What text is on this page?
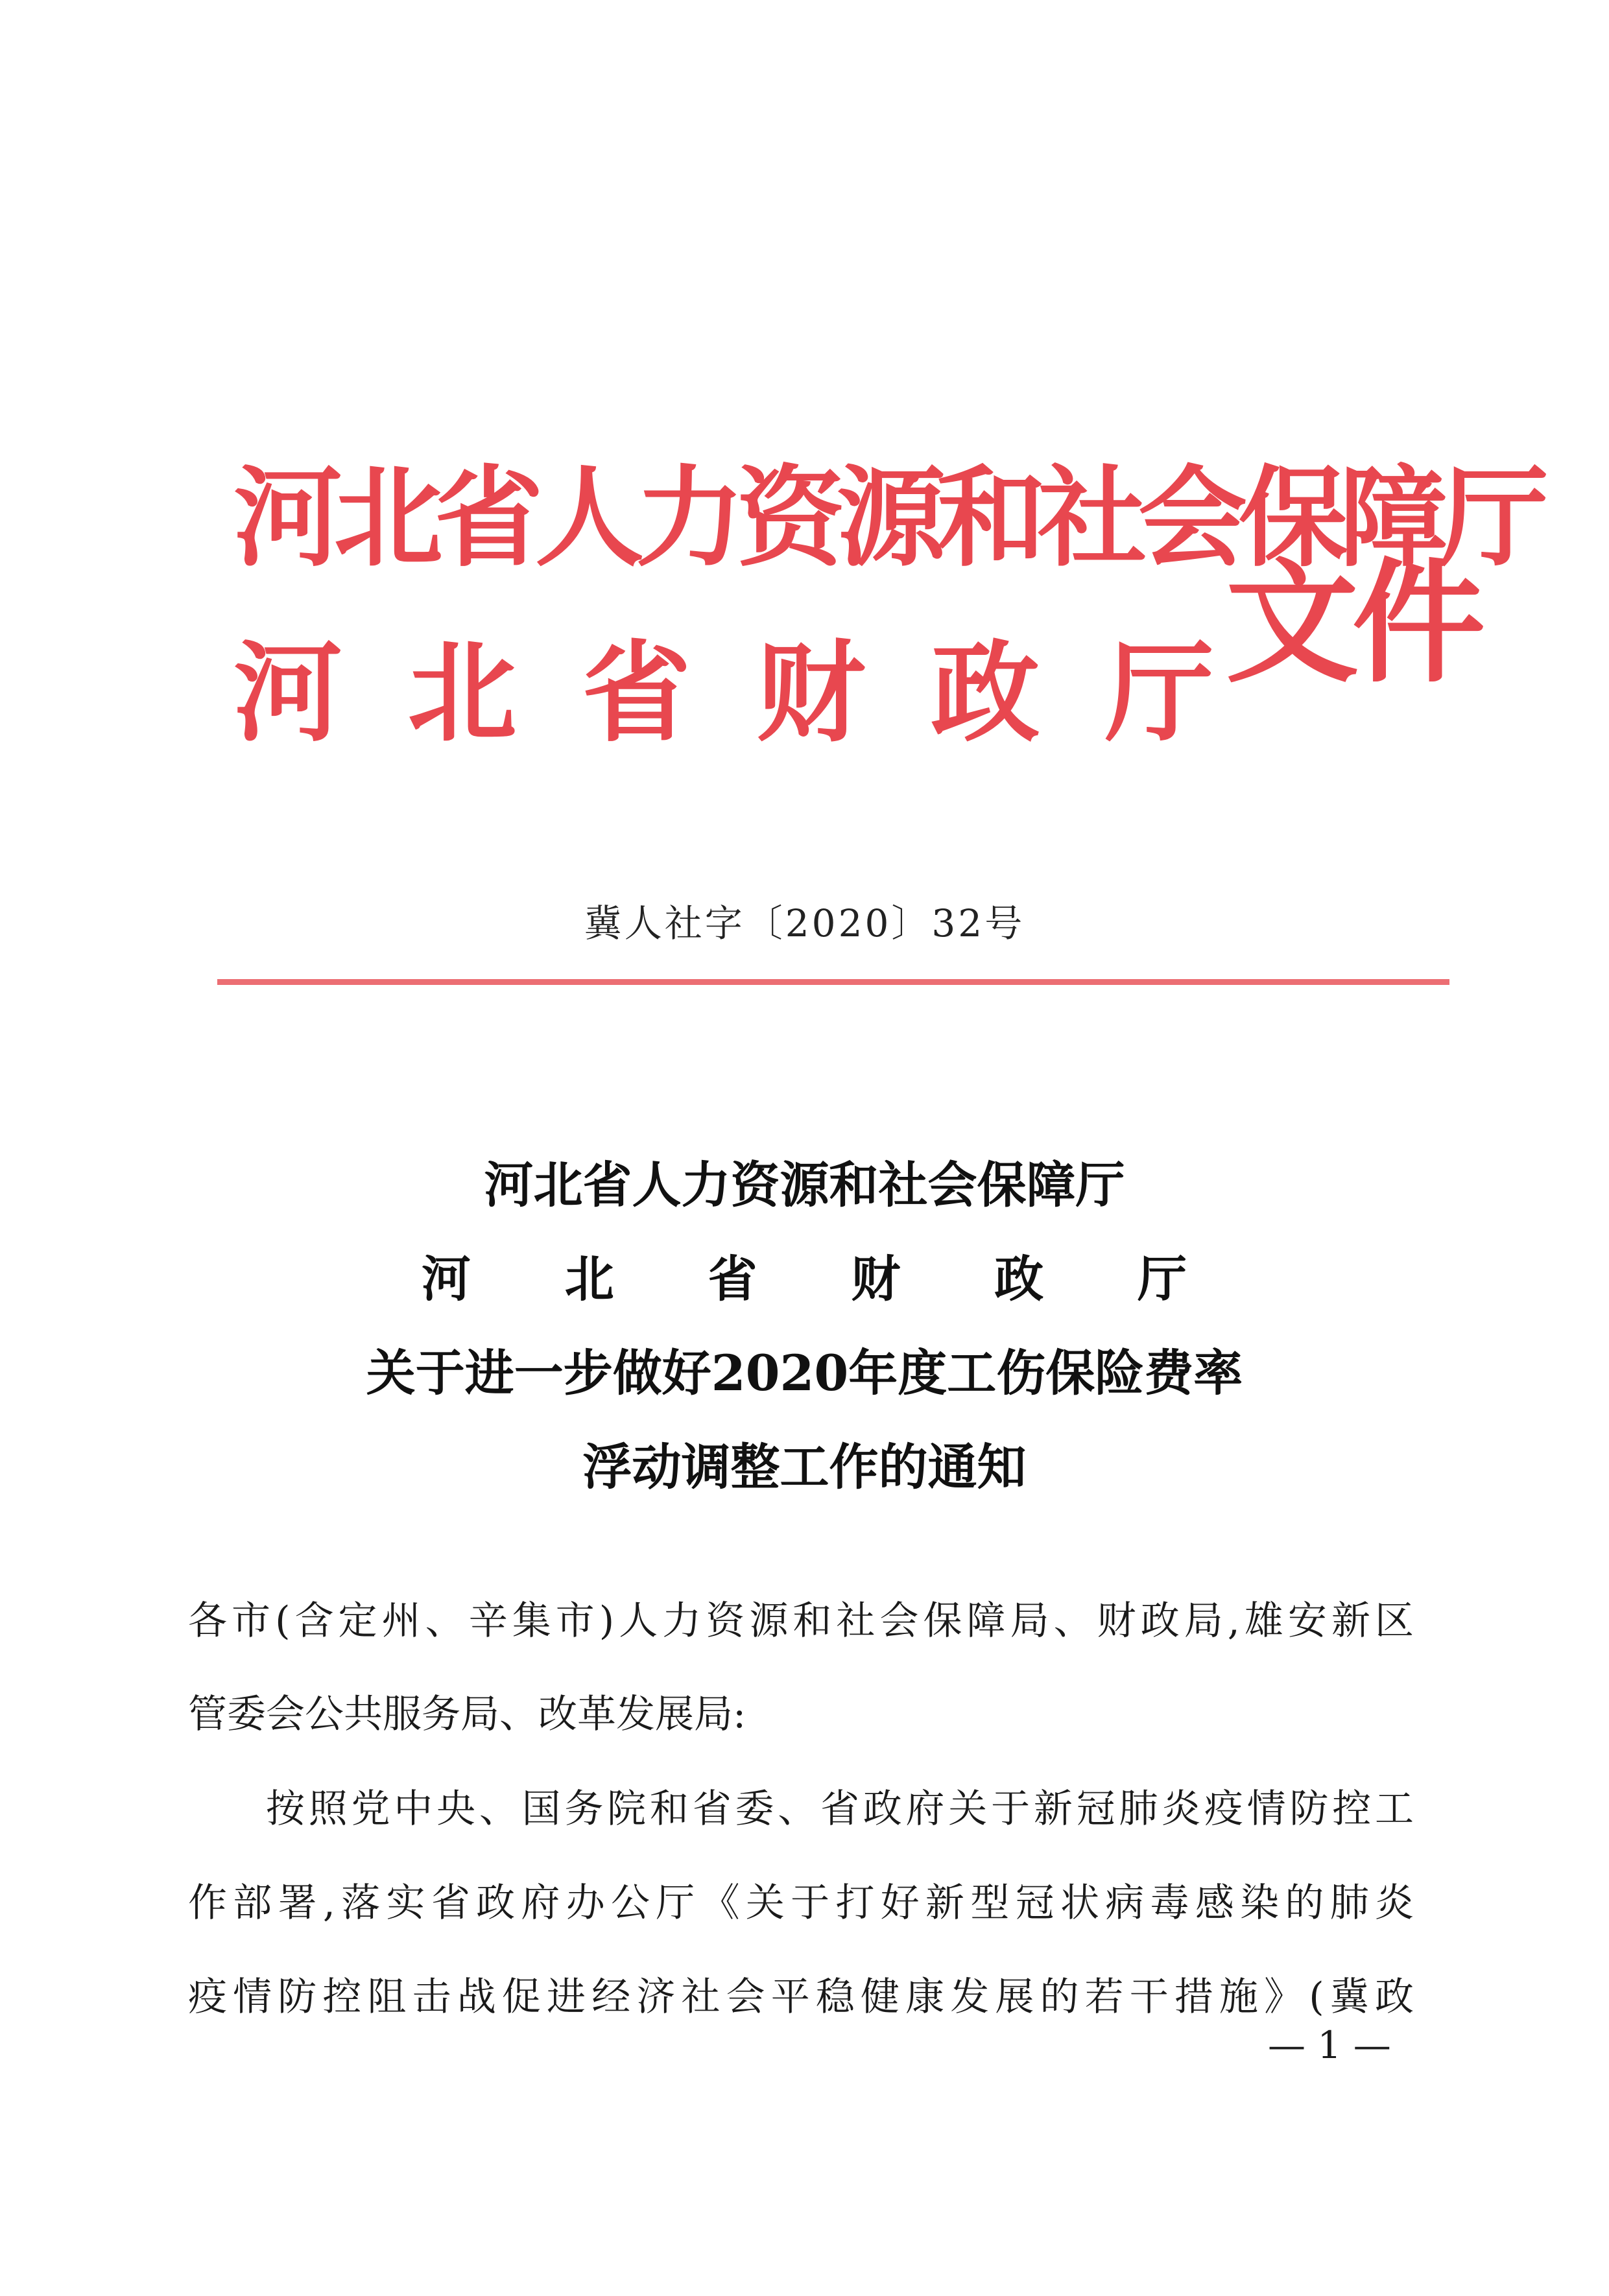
河北省人力资源和社会保障厅
河 北 省 财 政 厅 文件
冀人社字〔2020〕32号
河北省人力资源和社会保障厅
河 北 省 财 政 厅
关于进一步做好2020年度工伤保险费率
浮动调整工作的通知
各市(含定州、辛集市)人力资源和社会保障局、财政局,雄安新区
管委会公共服务局、改革发展局:
按照党中央、国务院和省委、省政府关于新冠肺炎疫情防控工
作部署,落实省政府办公厅《关于打好新型冠状病毒感染的肺炎
疫情防控阻击战促进经济社会平稳健康发展的若干措施》(冀政
— 1 —
